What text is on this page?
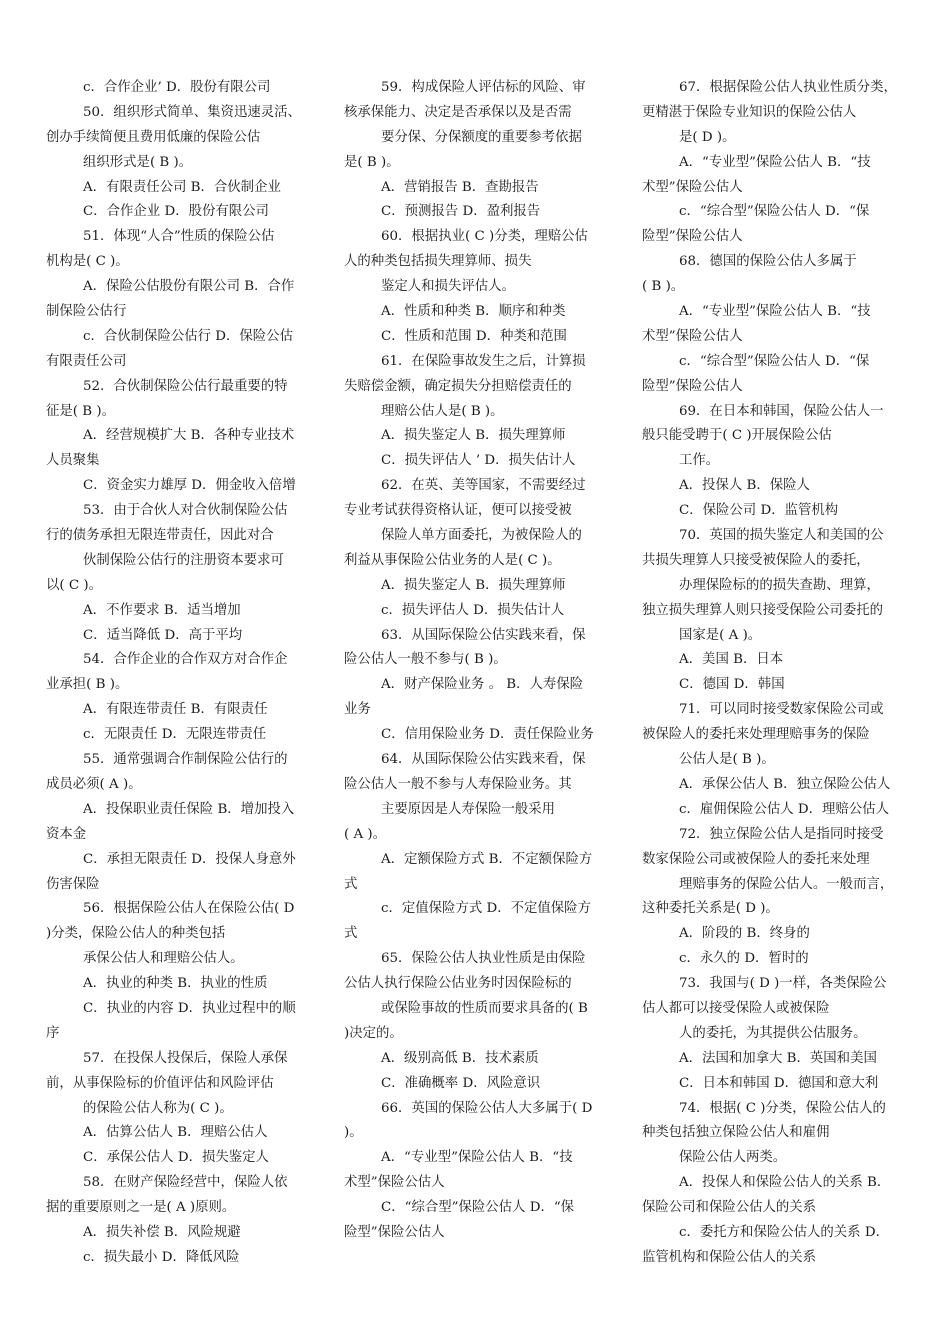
c．合作企业’ D．股份有限公司
50．组织形式简单、集资迅速灵活、
创办手续简便且费用低廉的保险公估
组织形式是( B )。
A．有限责任公司 B．合伙制企业
C．合作企业 D．股份有限公司
51．体现“人合”性质的保险公估
机构是( C )。
A．保险公估股份有限公司 B．合作
制保险公估行
c．合伙制保险公估行 D．保险公估
有限责任公司
52．合伙制保险公估行最重要的特
征是( B )。
A．经营规模扩大 B．各种专业技术
人员聚集
C．资金实力雄厚 D．佣金收入倍增
53．由于合伙人对合伙制保险公估
行的债务承担无限连带责任，因此对合
伙制保险公估行的注册资本要求可
以( C )。
A．不作要求 B．适当增加
C．适当降低 D．高于平均
54．合作企业的合作双方对合作企
业承担( B )。
A．有限连带责任 B．有限责任
c．无限责任 D．无限连带责任
55．通常强调合作制保险公估行的
成员必须( A )。
A．投保职业责任保险 B．增加投入
资本金
C．承担无限责任 D．投保人身意外
伤害保险
56．根据保险公估人在保险公估( D
)分类，保险公估人的种类包括
承保公估人和理赔公估人。
A．执业的种类 B．执业的性质
C．执业的内容 D．执业过程中的顺
序
57．在投保人投保后，保险人承保
前，从事保险标的价值评估和风险评估
的保险公估人称为( C )。
A．估算公估人 B．理赔公估人
C．承保公估人 D．损失鉴定人
58．在财产保险经营中，保险人依
据的重要原则之一是( A )原则。
A．损失补偿 B．风险规避
c．损失最小 D．降低风险
59．构成保险人评估标的风险、审
核承保能力、决定是否承保以及是否需
要分保、分保额度的重要参考依据
是( B )。
A．营销报告 B．查勘报告
C．预测报告 D．盈利报告
60．根据执业( C )分类，理赔公估
人的种类包括损失理算师、损失
鉴定人和损失评估人。
A．性质和种类 B．顺序和种类
C．性质和范围 D．种类和范围
61．在保险事故发生之后，计算损
失赔偿金额，确定损失分担赔偿责任的
理赔公估人是( B )。
A．损失鉴定人 B．损失理算师
C．损失评估人 ’ D．损失估计人
62．在英、美等国家，不需要经过
专业考试获得资格认证，便可以接受被
保险人单方面委托，为被保险人的
利益从事保险公估业务的人是( C )。
A．损失鉴定人 B．损失理算师
c．损失评估人 D．损失估计人
63．从国际保险公估实践来看，保
险公估人一般不参与( B )。
A．财产保险业务 。 B．人寿保险
业务
C．信用保险业务 D．责任保险业务
64．从国际保险公估实践来看，保
险公估人一般不参与人寿保险业务。其
主要原因是人寿保险一般采用
( A )。
A．定额保险方式 B．不定额保险方
式
c．定值保险方式 D．不定值保险方
式
65．保险公估人执业性质是由保险
公估人执行保险公估业务时因保险标的
或保险事故的性质而要求具备的( B
)决定的。
A．级别高低 B．技术素质
C．准确概率 D．风险意识
66．英国的保险公估人大多属于( D
)。
A．“专业型”保险公估人 B．“技
术型”保险公估人
C．“综合型”保险公估人 D．“保
险型”保险公估人
67．根据保险公估人执业性质分类，
更精湛于保险专业知识的保险公估人
是( D )。
A．“专业型”保险公估人 B．“技
术型”保险公估人
c．“综合型”保险公估人 D．“保
险型”保险公估人
68．德国的保险公估人多属于
( B )。
A．“专业型”保险公估人 B．“技
术型”保险公估人
c．“综合型”保险公估人 D．“保
险型”保险公估人
69．在日本和韩国，保险公估人一
般只能受聘于( C )开展保险公估
工作。
A．投保人 B．保险人
C．保险公司 D．监管机构
70．英国的损失鉴定人和美国的公
共损失理算人只接受被保险人的委托，
办理保险标的的损失查勘、理算，
独立损失理算人则只接受保险公司委托的
国家是( A )。
A．美国 B．日本
C．德国 D．韩国
71．可以同时接受数家保险公司或
被保险人的委托来处理理赔事务的保险
公估人是( B )。
A．承保公估人 B．独立保险公估人
c．雇佣保险公估人 D．理赔公估人
72．独立保险公估人是指同时接受
数家保险公司或被保险人的委托来处理
理赔事务的保险公估人。一般而言，
这种委托关系是( D )。
A．阶段的 B．终身的
c．永久的 D．暂时的
73．我国与( D )一样，各类保险公
估人都可以接受保险人或被保险
人的委托，为其提供公估服务。
A．法国和加拿大 B．英国和美国
C．日本和韩国 D．德国和意大利
74．根据( C )分类，保险公估人的
种类包括独立保险公估人和雇佣
保险公估人两类。
A．投保人和保险公估人的关系 B．
保险公司和保险公估人的关系
c．委托方和保险公估人的关系 D．
监管机构和保险公估人的关系
